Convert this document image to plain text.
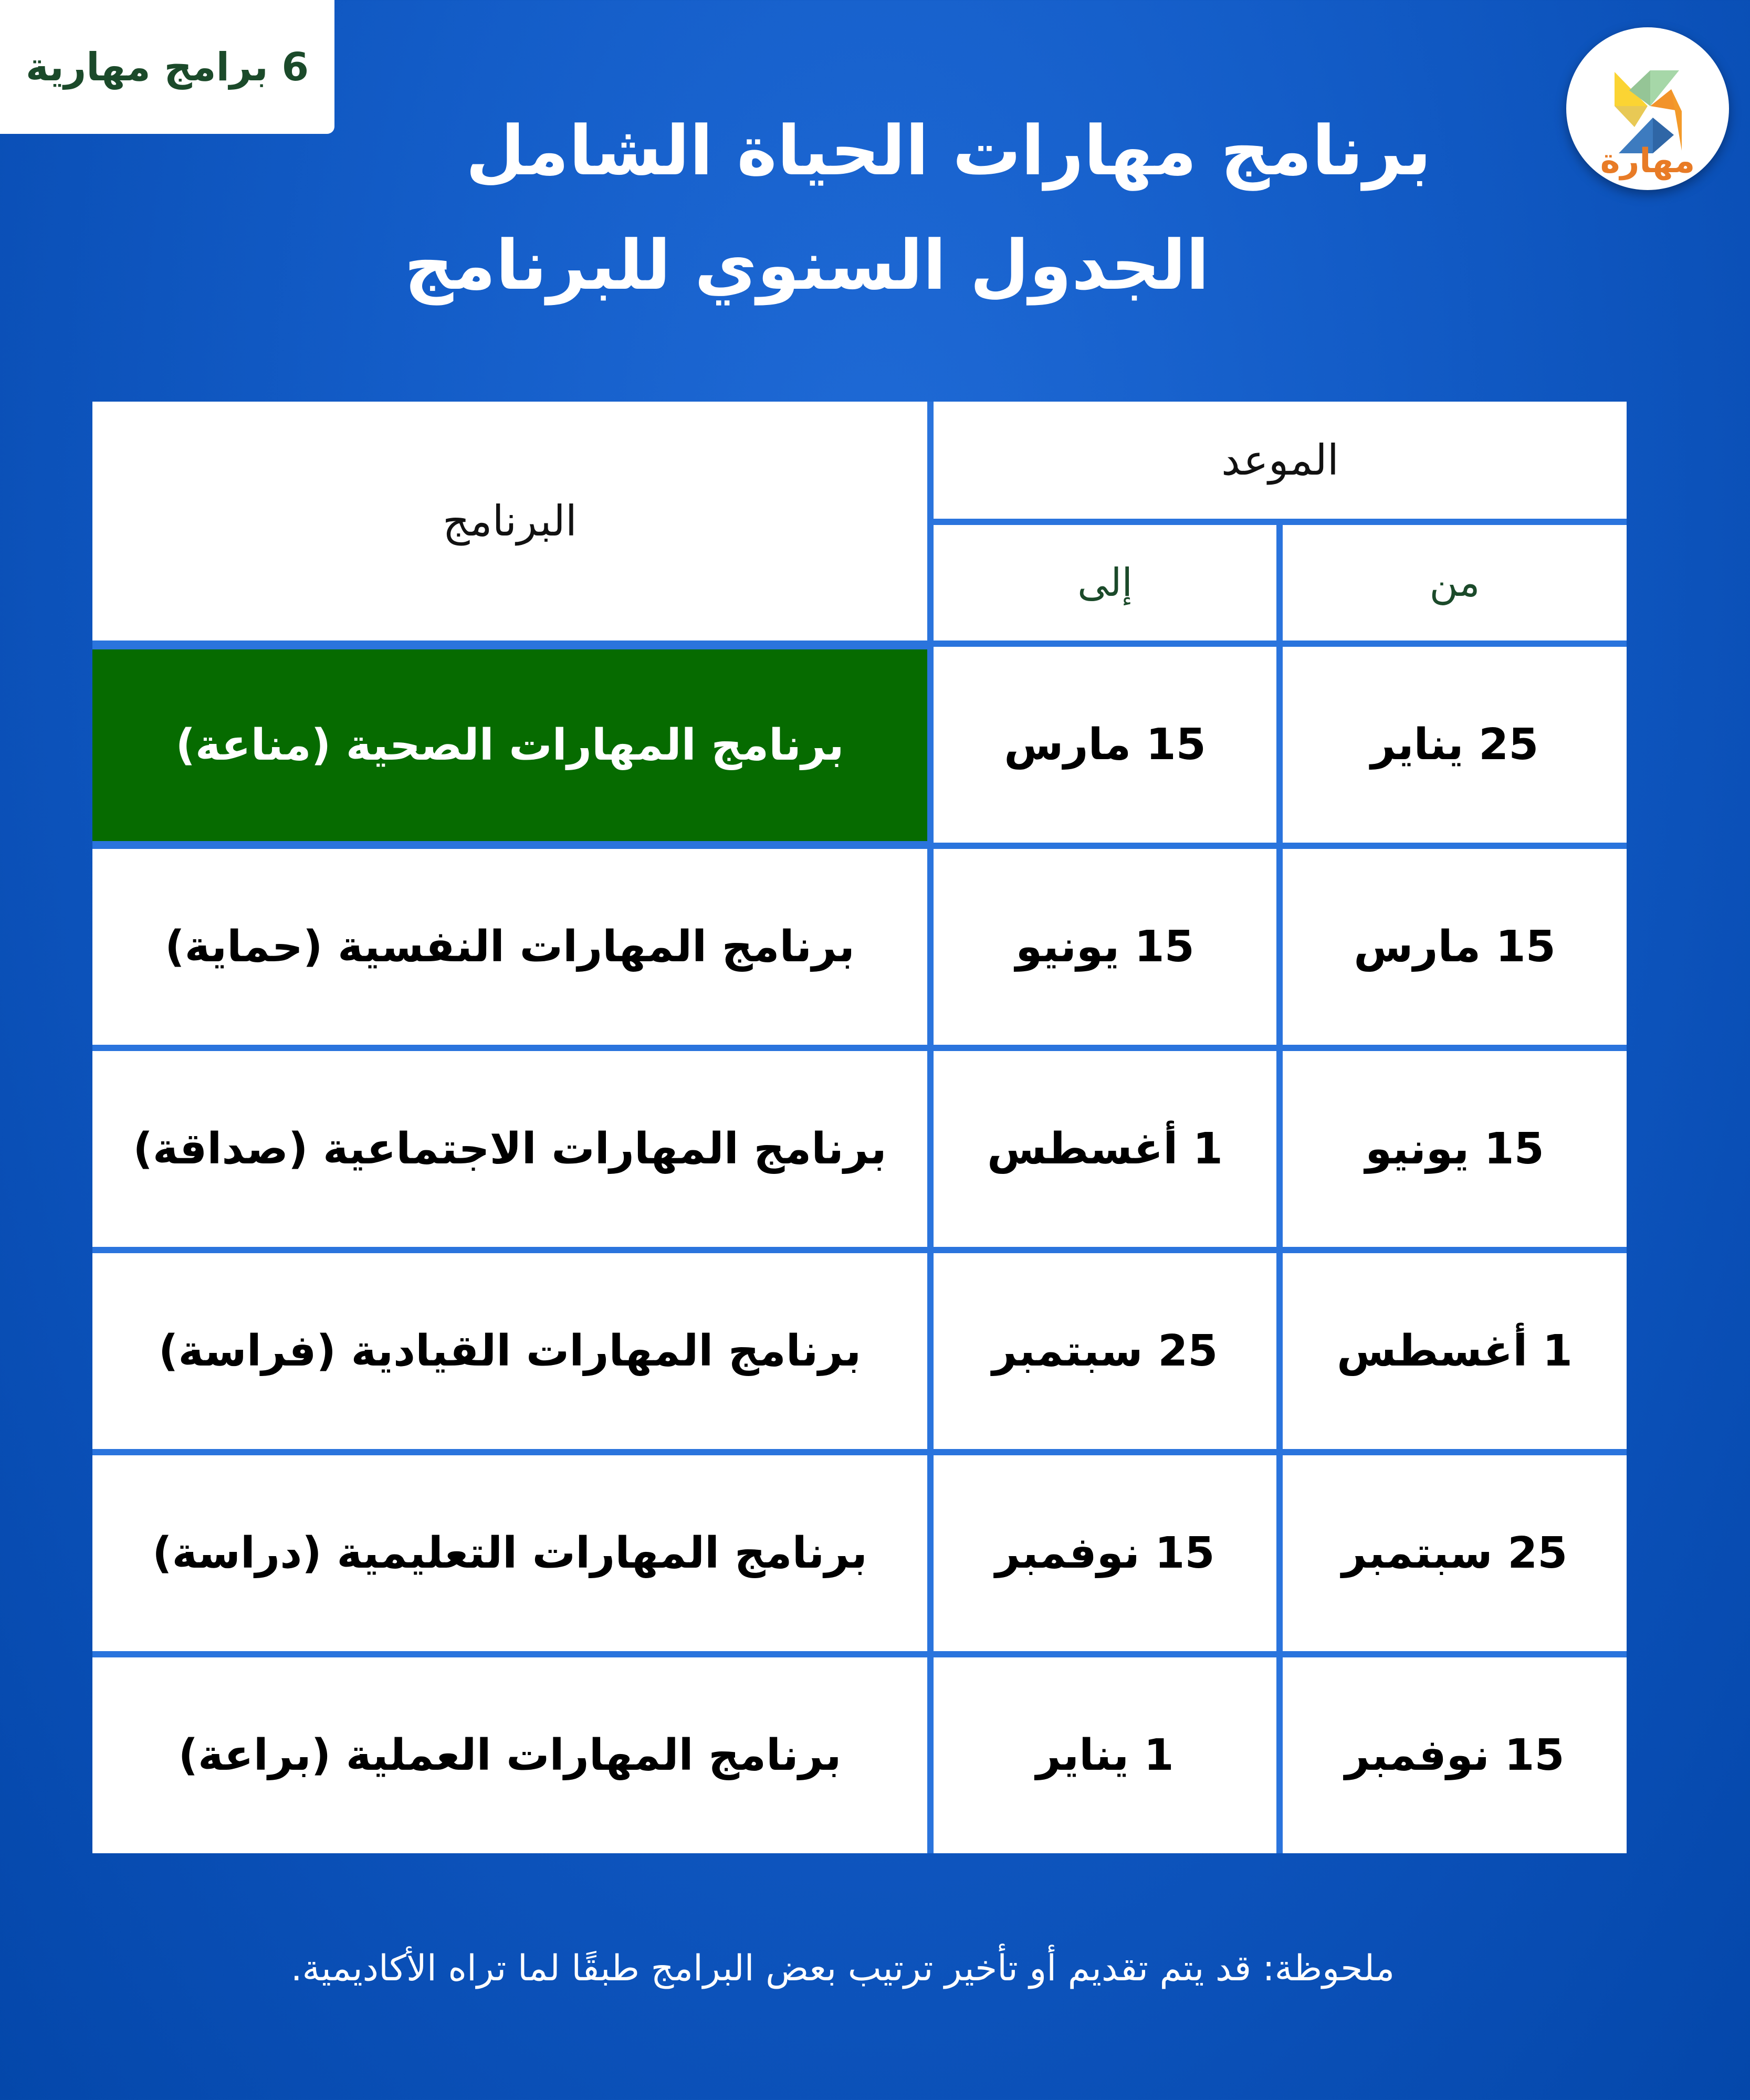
6 برامج مهارية
مهارة
برنامج مهارات الحياة الشامل
الجدول السنوي للبرنامج
البرنامج
الموعد
إلى	من
برنامج المهارات الصحية (مناعة)	15 مارس	25 يناير
برنامج المهارات النفسية (حماية)	15 يونيو	15 مارس
برنامج المهارات الاجتماعية (صداقة) 1 أغسطس	15 يونيو
برنامج المهارات القيادية (فراسة)	25 سبتمبر	1 أغسطس
برنامج المهارات التعليمية (دراسة)	15 نوفمبر	25 سبتمبر
برنامج المهارات العملية (براعة)	1 يناير	15 نوفمبر
ملحوظة: قد يتم تقديم أو تأخير ترتيب بعض البرامج طبقًا لما تراه الأكاديمية.
